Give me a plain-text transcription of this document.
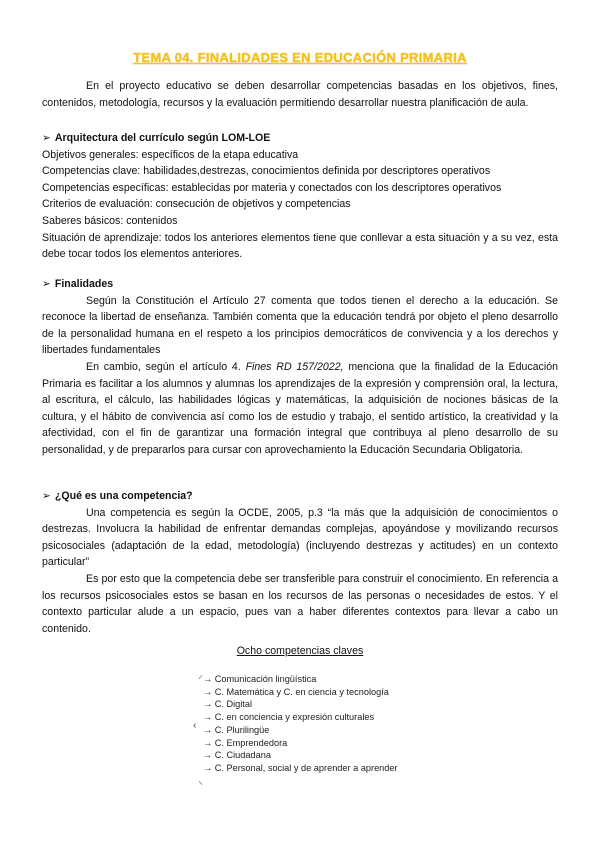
TEMA 04. FINALIDADES EN EDUCACIÓN PRIMARIA
En el proyecto educativo se deben desarrollar competencias basadas en los objetivos, fines, contenidos, metodología, recursos y la evaluación permitiendo desarrollar nuestra planificación de aula.
➢ Arquitectura del currículo según LOM-LOE
Objetivos generales: específicos de la etapa educativa
Competencias clave: habilidades,destrezas, conocimientos definida por descriptores operativos
Competencias específicas: establecidas por materia y conectados con los descriptores operativos
Criterios de evaluación: consecución de objetivos y competencias
Saberes básicos: contenidos
Situación de aprendizaje: todos los anteriores elementos tiene que conllevar a esta situación y a su vez, esta debe tocar todos los elementos anteriores.
➢ Finalidades
Según la Constitución el Artículo 27 comenta que todos tienen el derecho a la educación. Se reconoce la libertad de enseñanza. También comenta que la educación tendrá por objeto el pleno desarrollo de la personalidad humana en el respeto a los principios democráticos de convivencia y a los derechos y libertades fundamentales
En cambio, según el artículo 4. Fines RD 157/2022, menciona que la finalidad de la Educación Primaria es facilitar a los alumnos y alumnas los aprendizajes de la expresión y comprensión oral, la lectura, al escritura, el cálculo, las habilidades lógicas y matemáticas, la adquisición de nociones básicas de la cultura, y el hábito de convivencia así como los de estudio y trabajo, el sentido artístico, la creatividad y la afectividad, con el fin de garantizar una formación integral que contribuya al pleno desarrollo de su personalidad, y de prepararlos para cursar con aprovechamiento la Educación Secundaria Obligatoria.
➢ ¿Qué es una competencia?
Una competencia es según la OCDE, 2005, p.3 “la más que la adquisición de conocimientos o destrezas. Involucra la habilidad de enfrentar demandas complejas, apoyándose y movilizando recursos psicosociales (adaptación de la edad, metodología) (incluyendo destrezas y actitudes) en un contexto particular”
Es por esto que la competencia debe ser transferible para construir el conocimiento. En referencia a los recursos psicosociales estos se basan en los recursos de las personas o necesidades de estos. Y el contexto particular alude a un espacio, pues van a haber diferentes contextos para llevar a cabo un contenido.
Ocho competencias claves
⸝
‹
⸜
→ Comunicación lingüística
→ C. Matemática y C. en ciencia y tecnología
→ C. Digital
→ C. en conciencia y expresión culturales
→ C. Plurilingüe
→ C. Emprendedora
→ C. Ciudadana
→ C. Personal, social y de aprender a aprender
